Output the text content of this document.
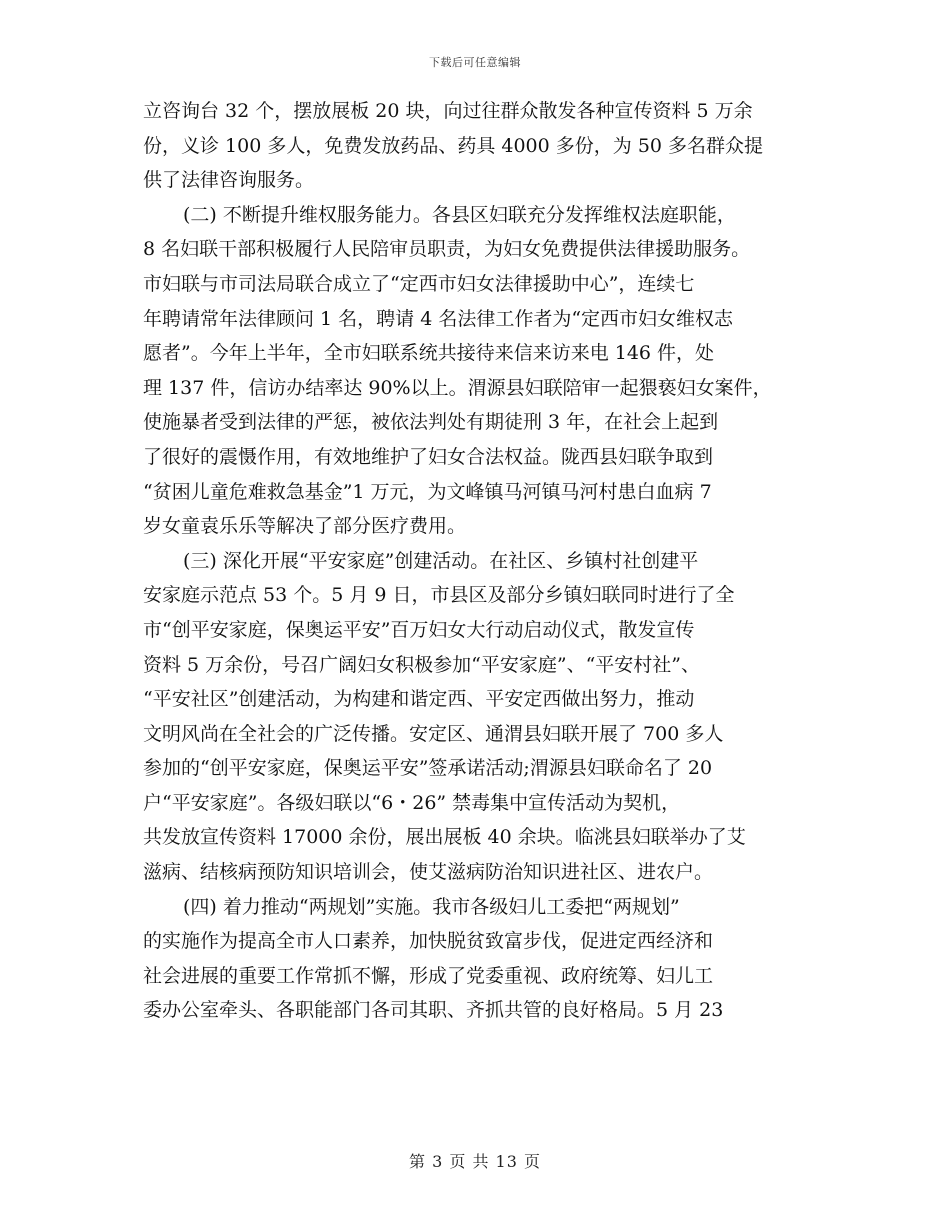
下载后可任意编辑
立咨询台 32 个，摆放展板 20 块，向过往群众散发各种宣传资料 5 万余
份，义诊 100 多人，免费发放药品、药具 4000 多份，为 50 多名群众提
供了法律咨询服务。
(二) 不断提升维权服务能力。各县区妇联充分发挥维权法庭职能，
8 名妇联干部积极履行人民陪审员职责，为妇女免费提供法律援助服务。
市妇联与市司法局联合成立了“定西市妇女法律援助中心”，连续七
年聘请常年法律顾问 1 名，聘请 4 名法律工作者为“定西市妇女维权志
愿者”。今年上半年，全市妇联系统共接待来信来访来电 146 件，处
理 137 件，信访办结率达 90%以上。渭源县妇联陪审一起猥亵妇女案件，
使施暴者受到法律的严惩，被依法判处有期徒刑 3 年，在社会上起到
了很好的震慑作用，有效地维护了妇女合法权益。陇西县妇联争取到
“贫困儿童危难救急基金”1 万元，为文峰镇马河镇马河村患白血病 7
岁女童袁乐乐等解决了部分医疗费用。
(三) 深化开展“平安家庭”创建活动。在社区、乡镇村社创建平
安家庭示范点 53 个。5 月 9 日，市县区及部分乡镇妇联同时进行了全
市“创平安家庭，保奥运平安”百万妇女大行动启动仪式，散发宣传
资料 5 万余份，号召广阔妇女积极参加“平安家庭”、“平安村社”、
“平安社区”创建活动，为构建和谐定西、平安定西做出努力，推动
文明风尚在全社会的广泛传播。安定区、通渭县妇联开展了 700 多人
参加的“创平安家庭，保奥运平安”签承诺活动;渭源县妇联命名了 20
户“平安家庭”。各级妇联以“6・26” 禁毒集中宣传活动为契机，
共发放宣传资料 17000 余份，展出展板 40 余块。临洮县妇联举办了艾
滋病、结核病预防知识培训会，使艾滋病防治知识进社区、进农户。
(四) 着力推动“两规划”实施。我市各级妇儿工委把“两规划”
的实施作为提高全市人口素养，加快脱贫致富步伐，促进定西经济和
社会进展的重要工作常抓不懈，形成了党委重视、政府统筹、妇儿工
委办公室牵头、各职能部门各司其职、齐抓共管的良好格局。5 月 23
第 3 页 共 13 页
